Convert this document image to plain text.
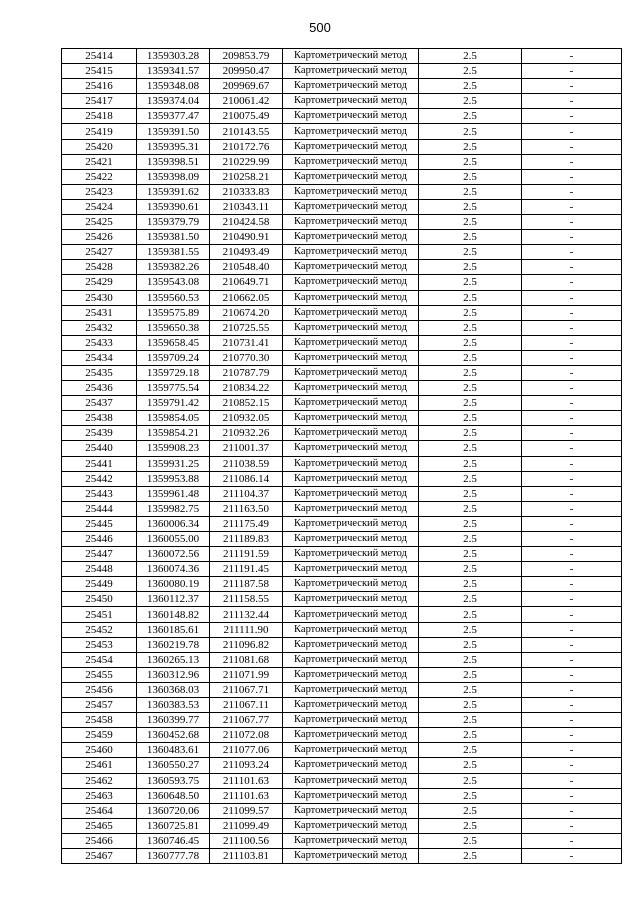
500
25414	1359303.28	209853.79	Картометрический метод	2.5	-
25415	1359341.57	209950.47	Картометрический метод	2.5	-
25416	1359348.08	209969.67	Картометрический метод	2.5	-
25417	1359374.04	210061.42	Картометрический метод	2.5	-
25418	1359377.47	210075.49	Картометрический метод	2.5	-
25419	1359391.50	210143.55	Картометрический метод	2.5	-
25420	1359395.31	210172.76	Картометрический метод	2.5	-
25421	1359398.51	210229.99	Картометрический метод	2.5	-
25422	1359398.09	210258.21	Картометрический метод	2.5	-
25423	1359391.62	210333.83	Картометрический метод	2.5	-
25424	1359390.61	210343.11	Картометрический метод	2.5	-
25425	1359379.79	210424.58	Картометрический метод	2.5	-
25426	1359381.50	210490.91	Картометрический метод	2.5	-
25427	1359381.55	210493.49	Картометрический метод	2.5	-
25428	1359382.26	210548.40	Картометрический метод	2.5	-
25429	1359543.08	210649.71	Картометрический метод	2.5	-
25430	1359560.53	210662.05	Картометрический метод	2.5	-
25431	1359575.89	210674.20	Картометрический метод	2.5	-
25432	1359650.38	210725.55	Картометрический метод	2.5	-
25433	1359658.45	210731.41	Картометрический метод	2.5	-
25434	1359709.24	210770.30	Картометрический метод	2.5	-
25435	1359729.18	210787.79	Картометрический метод	2.5	-
25436	1359775.54	210834.22	Картометрический метод	2.5	-
25437	1359791.42	210852.15	Картометрический метод	2.5	-
25438	1359854.05	210932.05	Картометрический метод	2.5	-
25439	1359854.21	210932.26	Картометрический метод	2.5	-
25440	1359908.23	211001.37	Картометрический метод	2.5	-
25441	1359931.25	211038.59	Картометрический метод	2.5	-
25442	1359953.88	211086.14	Картометрический метод	2.5	-
25443	1359961.48	211104.37	Картометрический метод	2.5	-
25444	1359982.75	211163.50	Картометрический метод	2.5	-
25445	1360006.34	211175.49	Картометрический метод	2.5	-
25446	1360055.00	211189.83	Картометрический метод	2.5	-
25447	1360072.56	211191.59	Картометрический метод	2.5	-
25448	1360074.36	211191.45	Картометрический метод	2.5	-
25449	1360080.19	211187.58	Картометрический метод	2.5	-
25450	1360112.37	211158.55	Картометрический метод	2.5	-
25451	1360148.82	211132.44	Картометрический метод	2.5	-
25452	1360185.61	211111.90	Картометрический метод	2.5	-
25453	1360219.78	211096.82	Картометрический метод	2.5	-
25454	1360265.13	211081.68	Картометрический метод	2.5	-
25455	1360312.96	211071.99	Картометрический метод	2.5	-
25456	1360368.03	211067.71	Картометрический метод	2.5	-
25457	1360383.53	211067.11	Картометрический метод	2.5	-
25458	1360399.77	211067.77	Картометрический метод	2.5	-
25459	1360452.68	211072.08	Картометрический метод	2.5	-
25460	1360483.61	211077.06	Картометрический метод	2.5	-
25461	1360550.27	211093.24	Картометрический метод	2.5	-
25462	1360593.75	211101.63	Картометрический метод	2.5	-
25463	1360648.50	211101.63	Картометрический метод	2.5	-
25464	1360720.06	211099.57	Картометрический метод	2.5	-
25465	1360725.81	211099.49	Картометрический метод	2.5	-
25466	1360746.45	211100.56	Картометрический метод	2.5	-
25467	1360777.78	211103.81	Картометрический метод	2.5	-
